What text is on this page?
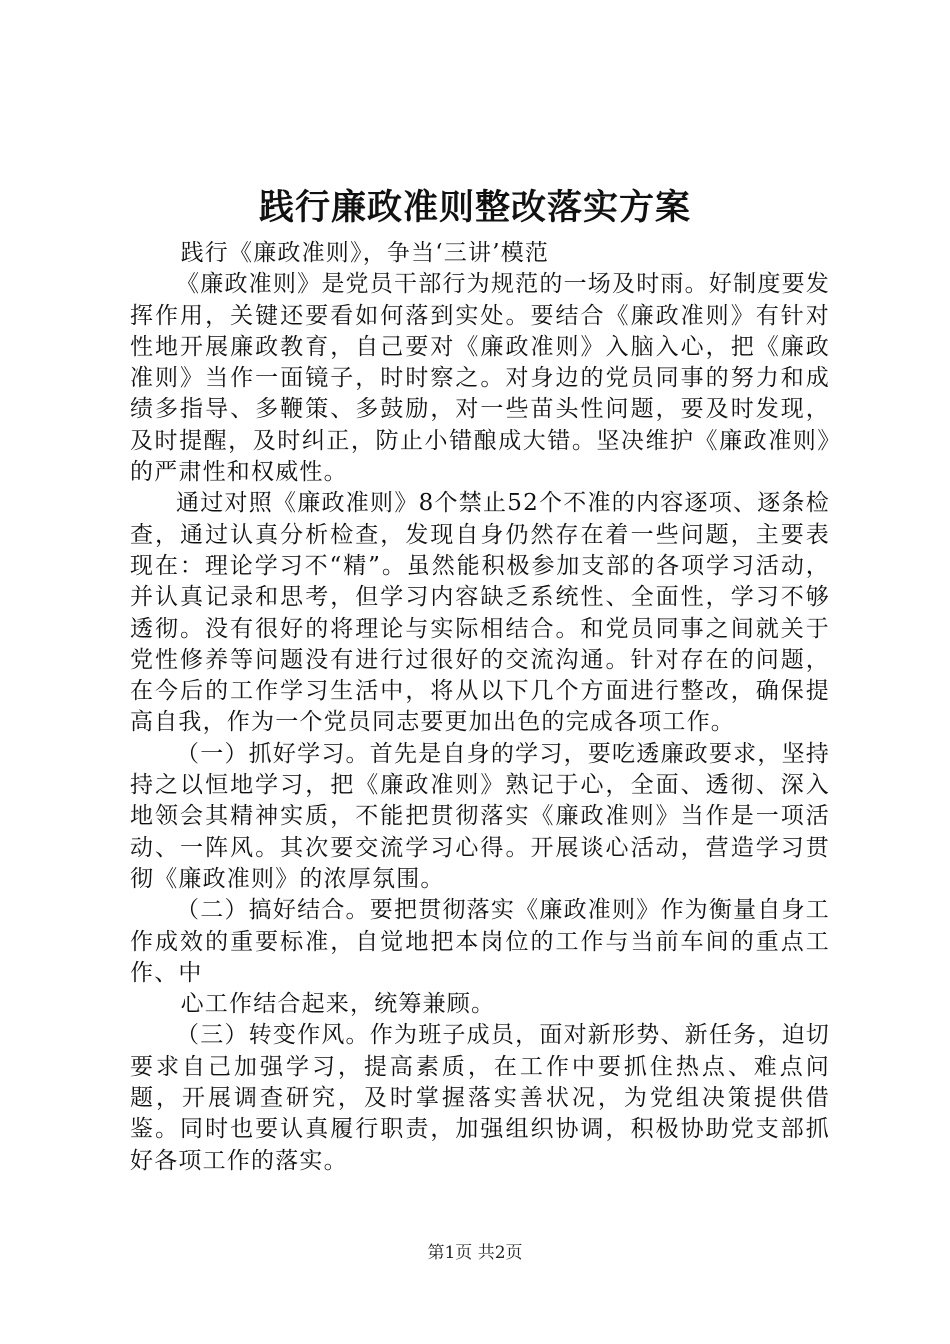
践行廉政准则整改落实方案

践行《廉政准则》，争当‘三讲’模范

《廉政准则》是党员干部行为规范的一场及时雨。好制度要发挥作用，关键还要看如何落到实处。要结合《廉政准则》有针对性地开展廉政教育，自己要对《廉政准则》入脑入心，把《廉政准则》当作一面镜子，时时察之。对身边的党员同事的努力和成绩多指导、多鞭策、多鼓励，对一些苗头性问题，要及时发现，及时提醒，及时纠正，防止小错酿成大错。坚决维护《廉政准则》的严肃性和权威性。

通过对照《廉政准则》8个禁止52个不准的内容逐项、逐条检查，通过认真分析检查，发现自身仍然存在着一些问题，主要表现在：理论学习不“精”。虽然能积极参加支部的各项学习活动，并认真记录和思考，但学习内容缺乏系统性、全面性，学习不够透彻。没有很好的将理论与实际相结合。和党员同事之间就关于党性修养等问题没有进行过很好的交流沟通。针对存在的问题，在今后的工作学习生活中，将从以下几个方面进行整改，确保提高自我，作为一个党员同志要更加出色的完成各项工作。

（一）抓好学习。首先是自身的学习，要吃透廉政要求，坚持持之以恒地学习，把《廉政准则》熟记于心，全面、透彻、深入地领会其精神实质，不能把贯彻落实《廉政准则》当作是一项活动、一阵风。其次要交流学习心得。开展谈心活动，营造学习贯彻《廉政准则》的浓厚氛围。

（二）搞好结合。要把贯彻落实《廉政准则》作为衡量自身工作成效的重要标准，自觉地把本岗位的工作与当前车间的重点工作、中

心工作结合起来，统筹兼顾。

（三）转变作风。作为班子成员，面对新形势、新任务，迫切要求自己加强学习，提高素质，在工作中要抓住热点、难点问题，开展调查研究，及时掌握落实善状况，为党组决策提供借鉴。同时也要认真履行职责，加强组织协调，积极协助党支部抓好各项工作的落实。

第1页 共2页
